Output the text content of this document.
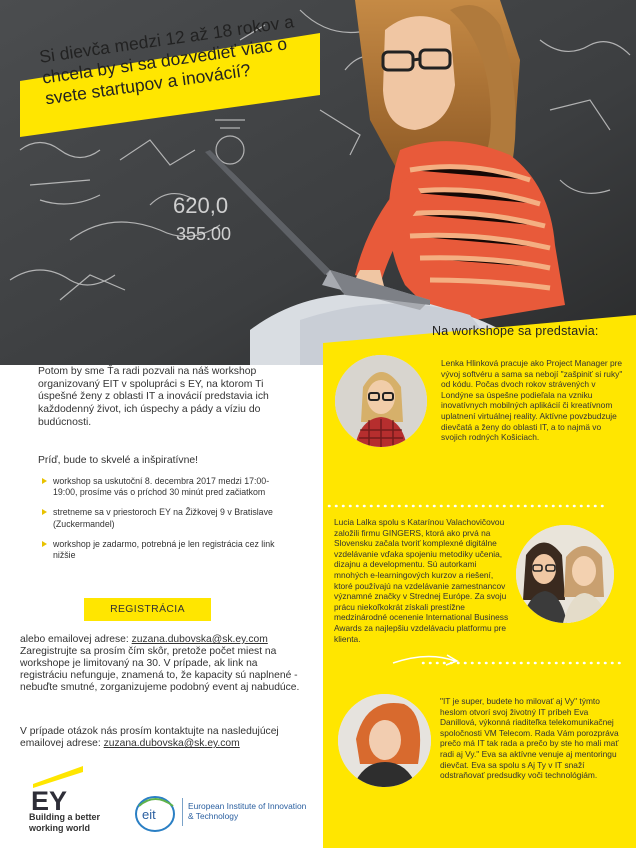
620,0
355.00
Si dievča medzi 12 až 18 rokov a chcela by si sa dozvedieť viac o svete startupov a inovácií?
Na workshope sa predstavia:
Lenka Hlinková pracuje ako Project Manager pre vývoj softvéru a sama sa nebojí "zašpiniť si ruky" od kódu. Počas dvoch rokov strávených v Londýne sa úspešne podieľala na vzniku inovatívnych mobilných aplikácií či kreatívnom uplatnení virtuálnej reality. Aktívne povzbudzuje dievčatá a ženy do oblasti IT, a to najmä vo svojich rodných Košiciach.
Lucia Lalka spolu s Katarínou Valachovičovou založili firmu GINGERS, ktorá ako prvá na Slovensku začala tvoriť komplexné digitálne vzdelávanie vďaka spojeniu metodiky učenia, dizajnu a developmentu. Sú autorkami mnohých e-learningových kurzov a riešení, ktoré používajú na vzdelávanie zamestnancov významné značky v Strednej Európe. Za svoju prácu niekoľkokrát získali prestížne medzinárodné ocenenie International Business Awards za najlepšiu vzdelávaciu platformu pre klienta.
"IT je super, budete ho milovať aj Vy" týmto heslom otvorí svoj životný IT príbeh Eva Danillová, výkonná riaditeľka telekomunikačnej spoločnosti VM Telecom. Rada Vám porozpráva prečo má IT tak rada a prečo by ste ho mali mať radi aj Vy." Eva sa aktívne venuje aj mentoringu dievčat. Eva sa spolu s Aj Ty v IT snaží odstraňovať predsudky voči technológiám.
Potom by sme Ťa radi pozvali na náš workshop organizovaný EIT v spolupráci s EY, na ktorom Ti úspešné ženy z oblasti IT a inovácií predstavia ich každodenný život, ich úspechy a pády a víziu do budúcnosti.
Príď, bude to skvelé a inšpiratívne!
workshop sa uskutoční 8. decembra 2017 medzi 17:00-19:00, prosíme vás o príchod 30 minút pred začiatkom
stretneme sa v priestoroch EY na Žižkovej 9 v Bratislave (Zuckermandel)
workshop je zadarmo, potrebná je len registrácia cez link nižšie
REGISTRÁCIA
alebo emailovej adrese: zuzana.dubovska@sk.ey.com Zaregistrujte sa prosím čím skôr, pretože počet miest na workshope je limitovaný na 30. V prípade, ak link na registráciu nefunguje, znamená to, že kapacity sú naplnené - nebuďte smutné, zorganizujeme podobný event aj nabudúce.
V prípade otázok nás prosím kontaktujte na nasledujúcej emailovej adrese: zuzana.dubovska@sk.ey.com
EY
Building a better working world
eit
European Institute of Innovation & Technology
